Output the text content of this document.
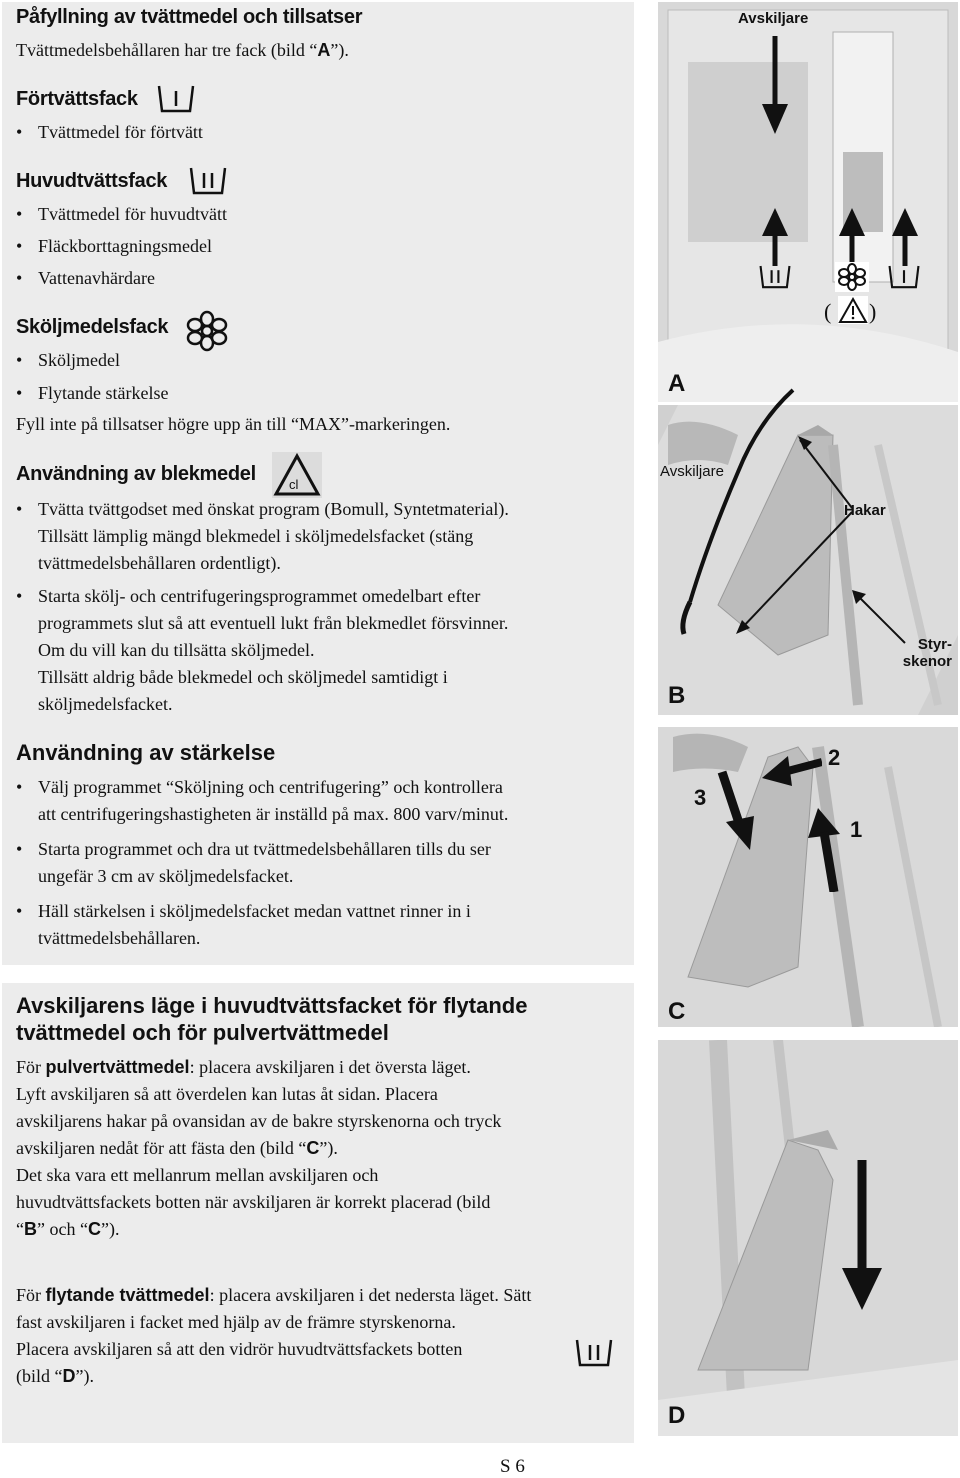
Påfyllning av tvättmedel och tillsatser

Tvättmedelsbehållaren har tre fack (bild “A”).

Förtvättsfack

• Tvättmedel för förtvätt

Huvudtvättsfack

• Tvättmedel för huvudtvätt

• Fläckborttagningsmedel

• Vattenavhärdare

Sköljmedelsfack

• Sköljmedel

• Flytande stärkelse

Fyll inte på tillsatser högre upp än till “MAX”-markeringen.

Användning av blekmedel	cl

• Tvätta tvättgodset med önskat program (Bomull, Syntetmaterial).
Tillsätt lämplig mängd blekmedel i sköljmedelsfacket (stäng
tvättmedelsbehållaren ordentligt).

• Starta skölj- och centrifugeringsprogrammet omedelbart efter
programmets slut så att eventuell lukt från blekmedlet försvinner.
Om du vill kan du tillsätta sköljmedel.
Tillsätt aldrig både blekmedel och sköljmedel samtidigt i
sköljmedelsfacket.

Användning av stärkelse

• Välj programmet “Sköljning och centrifugering” och kontrollera
att centrifugeringshastigheten är inställd på max. 800 varv/minut.

• Starta programmet och dra ut tvättmedelsbehållaren tills du ser
ungefär 3 cm av sköljmedelsfacket.

• Häll stärkelsen i sköljmedelsfacket medan vattnet rinner in i
tvättmedelsbehållaren.

Avskiljarens läge i huvudtvättsfacket för flytande
tvättmedel och för pulvertvättmedel

För pulvertvättmedel: placera avskiljaren i det översta läget.
Lyft avskiljaren så att överdelen kan lutas åt sidan. Placera
avskiljarens hakar på ovansidan av de bakre styrskenorna och tryck
avskiljaren nedåt för att fästa den (bild “C”).
Det ska vara ett mellanrum mellan avskiljaren och
huvudtvättsfackets botten när avskiljaren är korrekt placerad (bild
“B” och “C”).

För flytande tvättmedel: placera avskiljaren i det nedersta läget. Sätt
fast avskiljaren i facket med hjälp av de främre styrskenorna.
Placera avskiljaren så att den vidrör huvudtvättsfackets botten
(bild “D”).

Avskiljare
( )
A
Avskiljare
Hakar
Styr-
skenor
B
2
3
1
C
D
S 6
